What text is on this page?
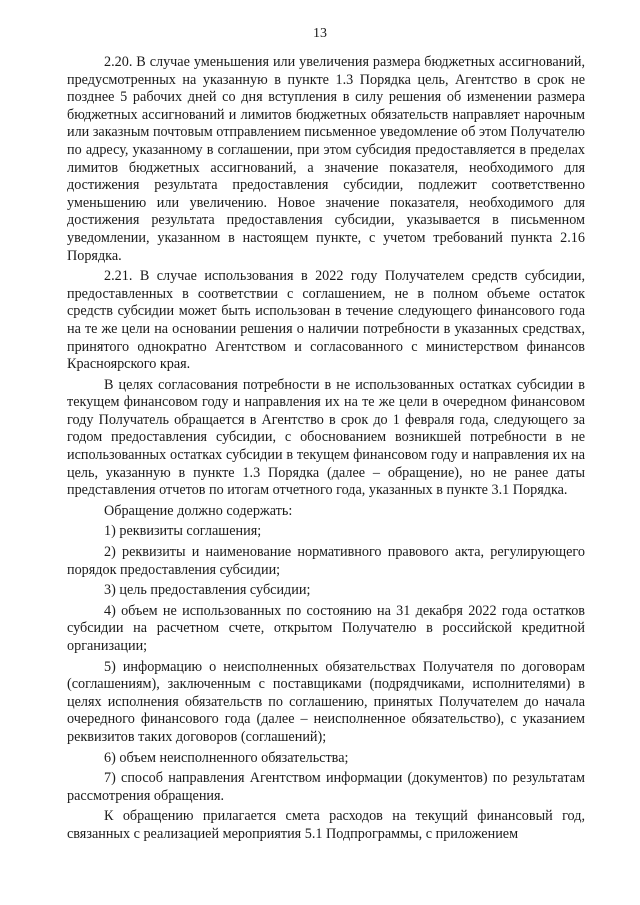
13

2.20. В случае уменьшения или увеличения размера бюджетных ассигнований, предусмотренных на указанную в пункте 1.3 Порядка цель, Агентство в срок не позднее 5 рабочих дней со дня вступления в силу решения об изменении размера бюджетных ассигнований и лимитов бюджетных обязательств направляет нарочным или заказным почтовым отправлением письменное уведомление об этом Получателю по адресу, указанному в соглашении, при этом субсидия предоставляется в пределах лимитов бюджетных ассигнований, а значение показателя, необходимого для достижения результата предоставления субсидии, подлежит соответственно уменьшению или увеличению. Новое значение показателя, необходимого для достижения результата предоставления субсидии, указывается в письменном уведомлении, указанном в настоящем пункте, с учетом требований пункта 2.16 Порядка.

2.21. В случае использования в 2022 году Получателем средств субсидии, предоставленных в соответствии с соглашением, не в полном объеме остаток средств субсидии может быть использован в течение следующего финансового года на те же цели на основании решения о наличии потребности в указанных средствах, принятого однократно Агентством и согласованного с министерством финансов Красноярского края.

В целях согласования потребности в не использованных остатках субсидии в текущем финансовом году и направления их на те же цели в очередном финансовом году Получатель обращается в Агентство в срок до 1 февраля года, следующего за годом предоставления субсидии, с обоснованием возникшей потребности в не использованных остатках субсидии в текущем финансовом году и направления их на цель, указанную в пункте 1.3 Порядка (далее – обращение), но не ранее даты представления отчетов по итогам отчетного года, указанных в пункте 3.1 Порядка.

Обращение должно содержать:

1) реквизиты соглашения;

2) реквизиты и наименование нормативного правового акта, регулирующего порядок предоставления субсидии;

3) цель предоставления субсидии;

4) объем не использованных по состоянию на 31 декабря 2022 года остатков субсидии на расчетном счете, открытом Получателю в российской кредитной организации;

5) информацию о неисполненных обязательствах Получателя по договорам (соглашениям), заключенным с поставщиками (подрядчиками, исполнителями) в целях исполнения обязательств по соглашению, принятых Получателем до начала очередного финансового года (далее – неисполненное обязательство), с указанием реквизитов таких договоров (соглашений);

6) объем неисполненного обязательства;

7) способ направления Агентством информации (документов) по результатам рассмотрения обращения.

К обращению прилагается смета расходов на текущий финансовый год, связанных с реализацией мероприятия 5.1 Подпрограммы, с приложением
